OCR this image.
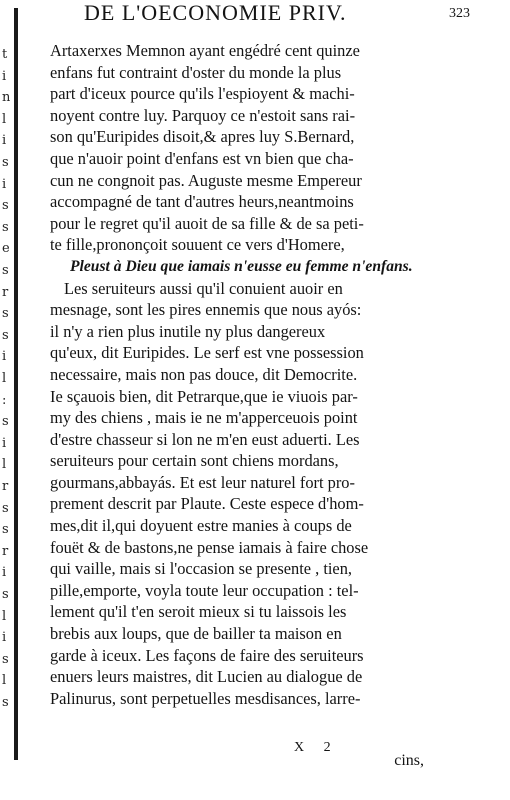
t
i
n
l
i
s
i
s
s
e
s
r
s
s
i
l
:
s
i
l
r
s
s
r
i
s
l
i
s
l
s
DE L'OECONOMIE PRIV.	323
Artaxerxes Memnon ayant engédré cent quinze
enfans fut contraint d'oster du monde la plus
part d'iceux pource qu'ils l'espioyent & machi-
noyent contre luy. Parquoy ce n'estoit sans rai-
son qu'Euripides disoit,& apres luy S.Bernard,
que n'auoir point d'enfans est vn bien que cha-
cun ne congnoit pas. Auguste mesme Empereur
accompagné de tant d'autres heurs,neantmoins
pour le regret qu'il auoit de sa fille & de sa peti-
te fille,prononçoit souuent ce vers d'Homere,
Pleust à Dieu que iamais n'eusse eu femme n'enfans.
Les seruiteurs aussi qu'il conuient auoir en
mesnage, sont les pires ennemis que nous ayós:
il n'y a rien plus inutile ny plus dangereux
qu'eux, dit Euripides. Le serf est vne possession
necessaire, mais non pas douce, dit Democrite.
Ie sçauois bien, dit Petrarque,que ie viuois par-
my des chiens , mais ie ne m'apperceuois point
d'estre chasseur si lon ne m'en eust aduerti. Les
seruiteurs pour certain sont chiens mordans,
gourmans,abbayás. Et est leur naturel fort pro-
prement descrit par Plaute. Ceste espece d'hom-
mes,dit il,qui doyuent estre manies à coups de
fouët & de bastons,ne pense iamais à faire chose
qui vaille, mais si l'occasion se presente , tien,
pille,emporte, voyla toute leur occupation : tel-
lement qu'il t'en seroit mieux si tu laissois les
brebis aux loups, que de bailler ta maison en
garde à iceux. Les façons de faire des seruiteurs
enuers leurs maistres, dit Lucien au dialogue de
Palinurus, sont perpetuelles mesdisances, larre-
X 2
cins,
